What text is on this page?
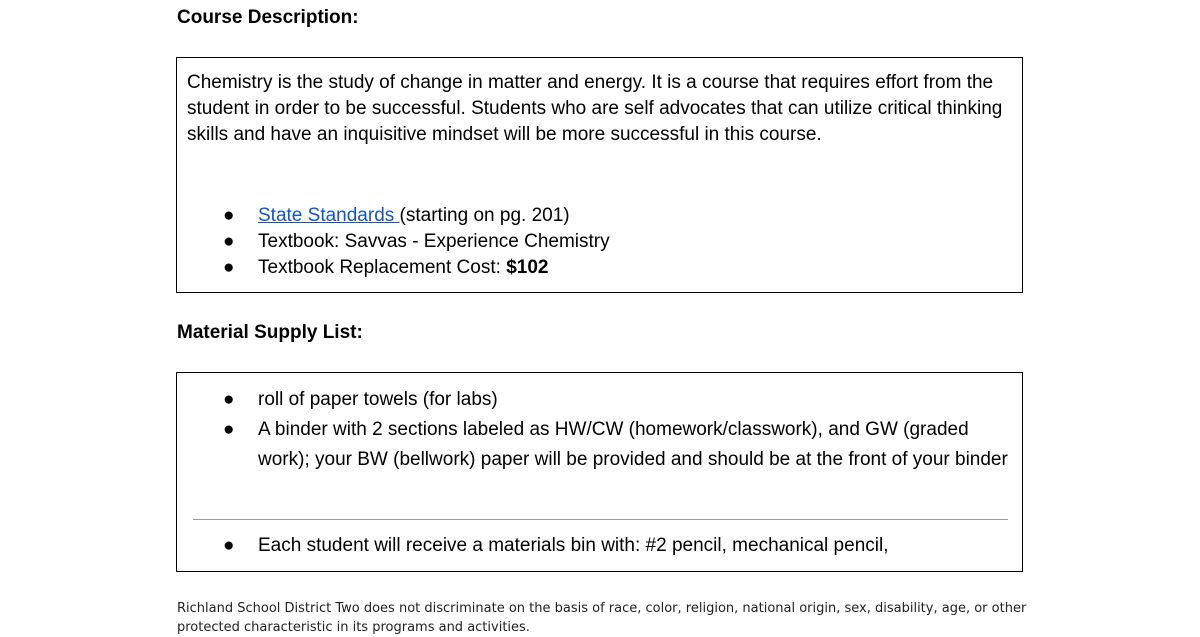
Course Description:
Chemistry is the study of change in matter and energy. It is a course that requires effort from the student in order to be successful. Students who are self advocates that can utilize critical thinking skills and have an inquisitive mindset will be more successful in this course.
● State Standards (starting on pg. 201)
● Textbook: Savvas - Experience Chemistry
● Textbook Replacement Cost: $102
Material Supply List:
● roll of paper towels (for labs)
● A binder with 2 sections labeled as HW/CW (homework/classwork), and GW (graded work); your BW (bellwork) paper will be provided and should be at the front of your binder
● Each student will receive a materials bin with: #2 pencil, mechanical pencil,
Richland School District Two does not discriminate on the basis of race, color, religion, national origin, sex, disability, age, or other protected characteristic in its programs and activities.
